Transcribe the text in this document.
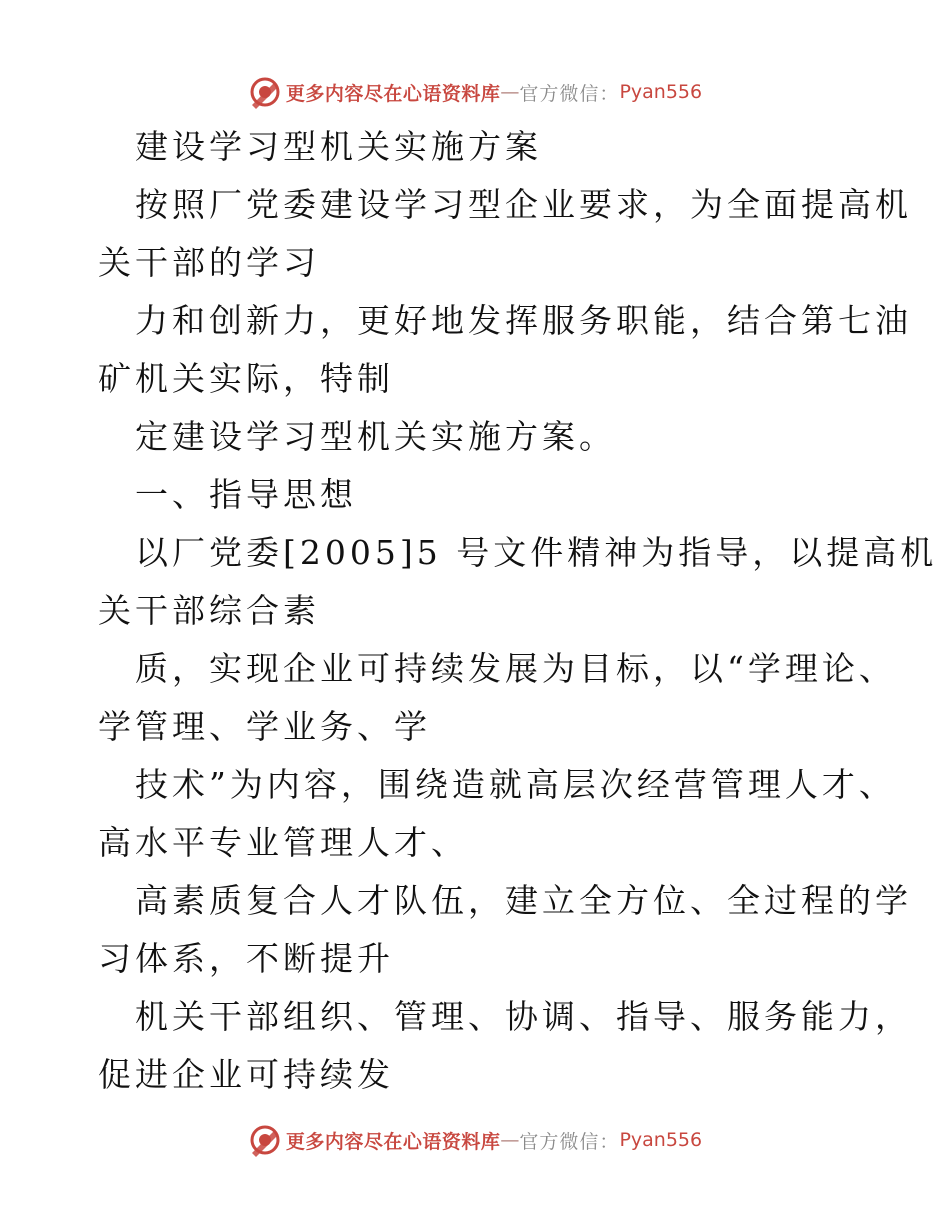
更多内容尽在心语资料库 — 官方微信： Pyan556

建设学习型机关实施方案

按照厂党委建设学习型企业要求，为全面提高机

关干部的学习

力和创新力，更好地发挥服务职能，结合第七油

矿机关实际，特制

定建设学习型机关实施方案。

一、指导思想

以厂党委[2005]5 号文件精神为指导，以提高机

关干部综合素

质，实现企业可持续发展为目标，以“学理论、

学管理、学业务、学

技术”为内容，围绕造就高层次经营管理人才、

高水平专业管理人才、

高素质复合人才队伍，建立全方位、全过程的学

习体系，不断提升

机关干部组织、管理、协调、指导、服务能力，

促进企业可持续发

更多内容尽在心语资料库 — 官方微信： Pyan556
